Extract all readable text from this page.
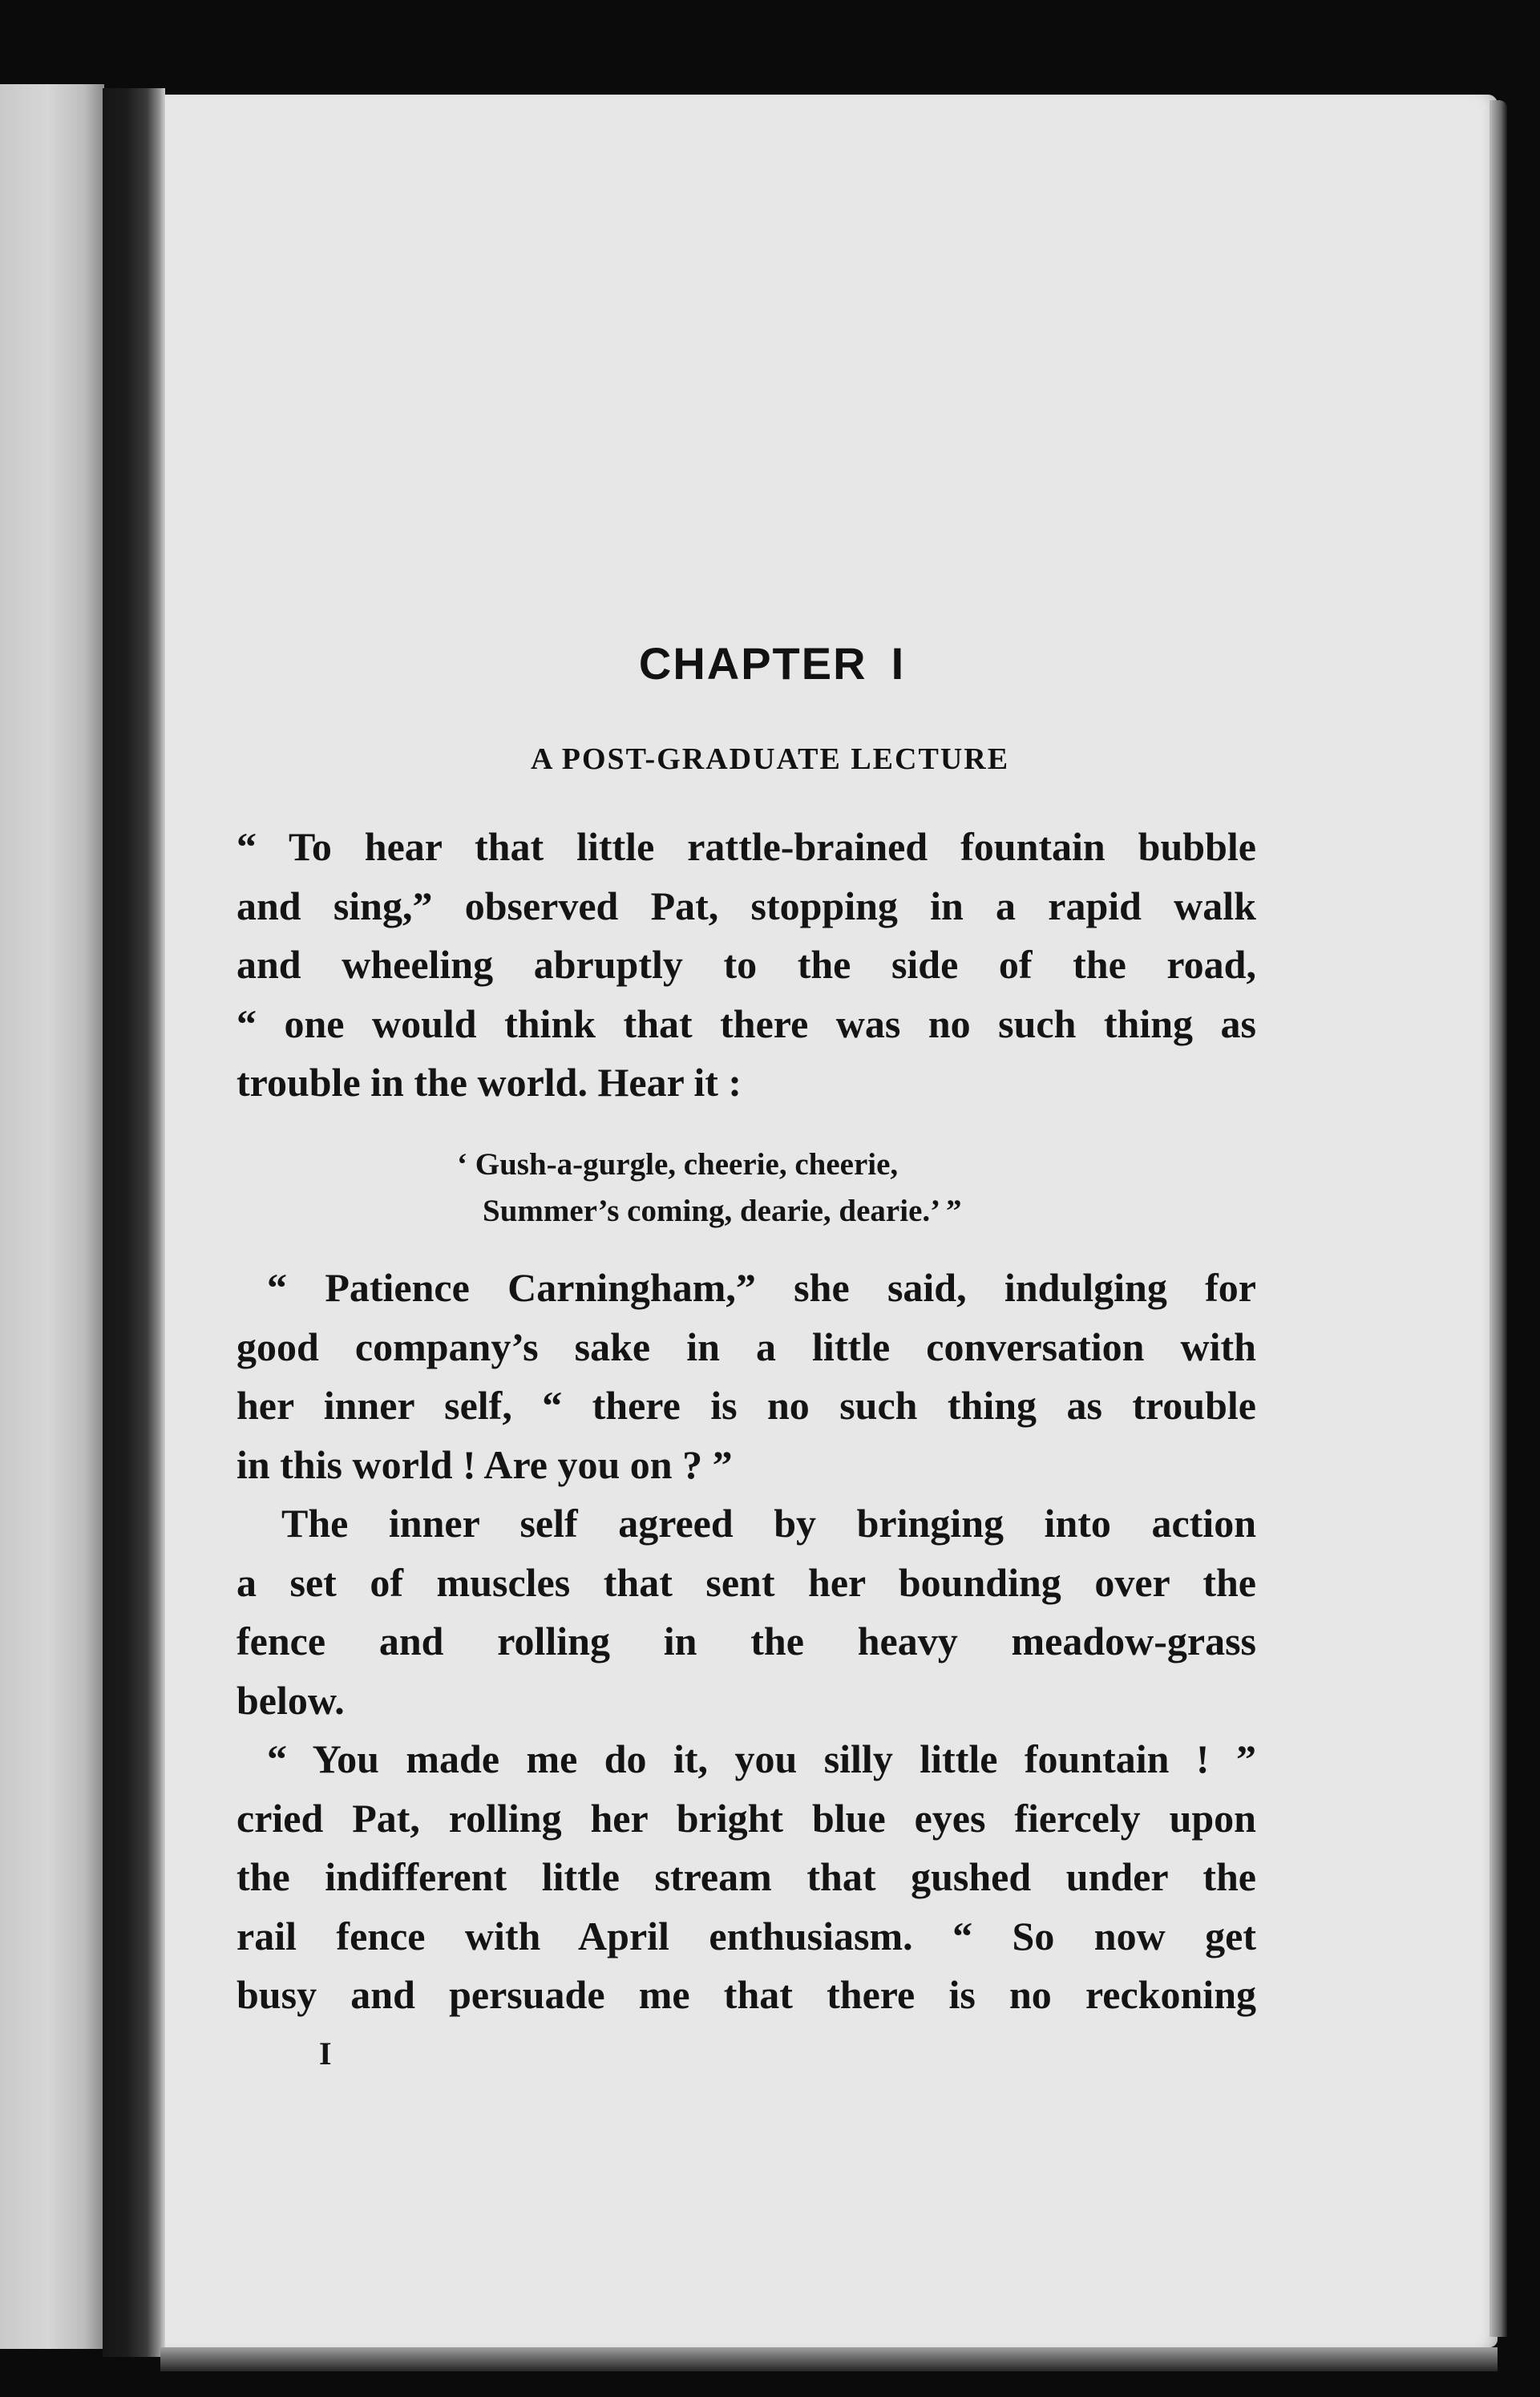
CHAPTER I
A POST-GRADUATE LECTURE
“ To hear that little rattle-brained fountain bubble
and sing,” observed Pat, stopping in a rapid walk
and wheeling abruptly to the side of the road,
“ one would think that there was no such thing as
trouble in the world. Hear it :
‘ Gush-a-gurgle, cheerie, cheerie,
Summer’s coming, dearie, dearie.’ ”
“ Patience Carningham,” she said, indulging for
good company’s sake in a little conversation with
her inner self, “ there is no such thing as trouble
in this world ! Are you on ? ”
The inner self agreed by bringing into action
a set of muscles that sent her bounding over the
fence and rolling in the heavy meadow-grass
below.
“ You made me do it, you silly little fountain ! ”
cried Pat, rolling her bright blue eyes fiercely upon
the indifferent little stream that gushed under the
rail fence with April enthusiasm. “ So now get
busy and persuade me that there is no reckoning
I
